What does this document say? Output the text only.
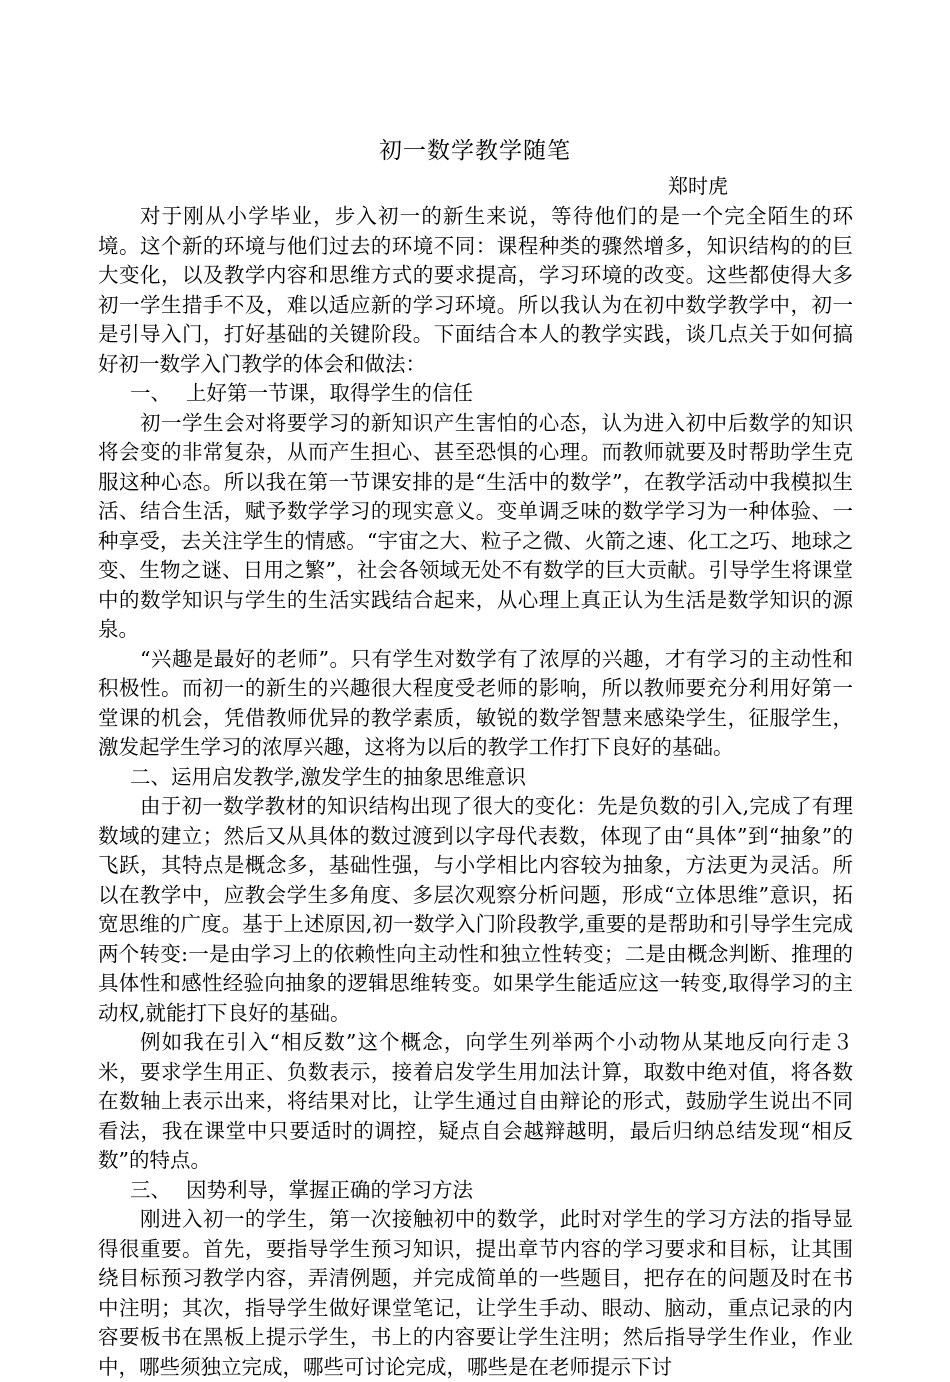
初一数学教学随笔
郑时虎

对于刚从小学毕业，步入初一的新生来说，等待他们的是一个完全陌生的环境。这个新的环境与他们过去的环境不同：课程种类的骤然增多，知识结构的的巨大变化，以及教学内容和思维方式的要求提高，学习环境的改变。这些都使得大多初一学生措手不及，难以适应新的学习环境。所以我认为在初中数学教学中，初一是引导入门，打好基础的关键阶段。下面结合本人的教学实践，谈几点关于如何搞好初一数学入门教学的体会和做法：

一、 上好第一节课，取得学生的信任

初一学生会对将要学习的新知识产生害怕的心态，认为进入初中后数学的知识将会变的非常复杂，从而产生担心、甚至恐惧的心理。而教师就要及时帮助学生克服这种心态。所以我在第一节课安排的是“生活中的数学”，在教学活动中我模拟生活、结合生活，赋予数学学习的现实意义。变单调乏味的数学学习为一种体验、一种享受，去关注学生的情感。“宇宙之大、粒子之微、火箭之速、化工之巧、地球之变、生物之谜、日用之繁”，社会各领域无处不有数学的巨大贡献。引导学生将课堂中的数学知识与学生的生活实践结合起来，从心理上真正认为生活是数学知识的源泉。

“兴趣是最好的老师”。只有学生对数学有了浓厚的兴趣，才有学习的主动性和积极性。而初一的新生的兴趣很大程度受老师的影响，所以教师要充分利用好第一堂课的机会，凭借教师优异的教学素质，敏锐的数学智慧来感染学生，征服学生，激发起学生学习的浓厚兴趣，这将为以后的教学工作打下良好的基础。

二、运用启发教学,激发学生的抽象思维意识

由于初一数学教材的知识结构出现了很大的变化：先是负数的引入,完成了有理数域的建立；然后又从具体的数过渡到以字母代表数，体现了由“具体”到“抽象”的飞跃，其特点是概念多，基础性强，与小学相比内容较为抽象，方法更为灵活。所以在教学中，应教会学生多角度、多层次观察分析问题，形成“立体思维”意识，拓宽思维的广度。基于上述原因,初一数学入门阶段教学,重要的是帮助和引导学生完成两个转变:一是由学习上的依赖性向主动性和独立性转变；二是由概念判断、推理的具体性和感性经验向抽象的逻辑思维转变。如果学生能适应这一转变,取得学习的主动权,就能打下良好的基础。

例如我在引入“相反数”这个概念，向学生列举两个小动物从某地反向行走３米，要求学生用正、负数表示，接着启发学生用加法计算，取数中绝对值，将各数在数轴上表示出来，将结果对比，让学生通过自由辩论的形式，鼓励学生说出不同看法，我在课堂中只要适时的调控，疑点自会越辩越明，最后归纳总结发现“相反数”的特点。

三、 因势利导，掌握正确的学习方法

刚进入初一的学生，第一次接触初中的数学，此时对学生的学习方法的指导显得很重要。首先，要指导学生预习知识，提出章节内容的学习要求和目标，让其围绕目标预习教学内容，弄清例题，并完成简单的一些题目，把存在的问题及时在书中注明；其次，指导学生做好课堂笔记，让学生手动、眼动、脑动，重点记录的内容要板书在黑板上提示学生，书上的内容要让学生注明；然后指导学生作业，作业中，哪些须独立完成，哪些可讨论完成，哪些是在老师提示下讨
